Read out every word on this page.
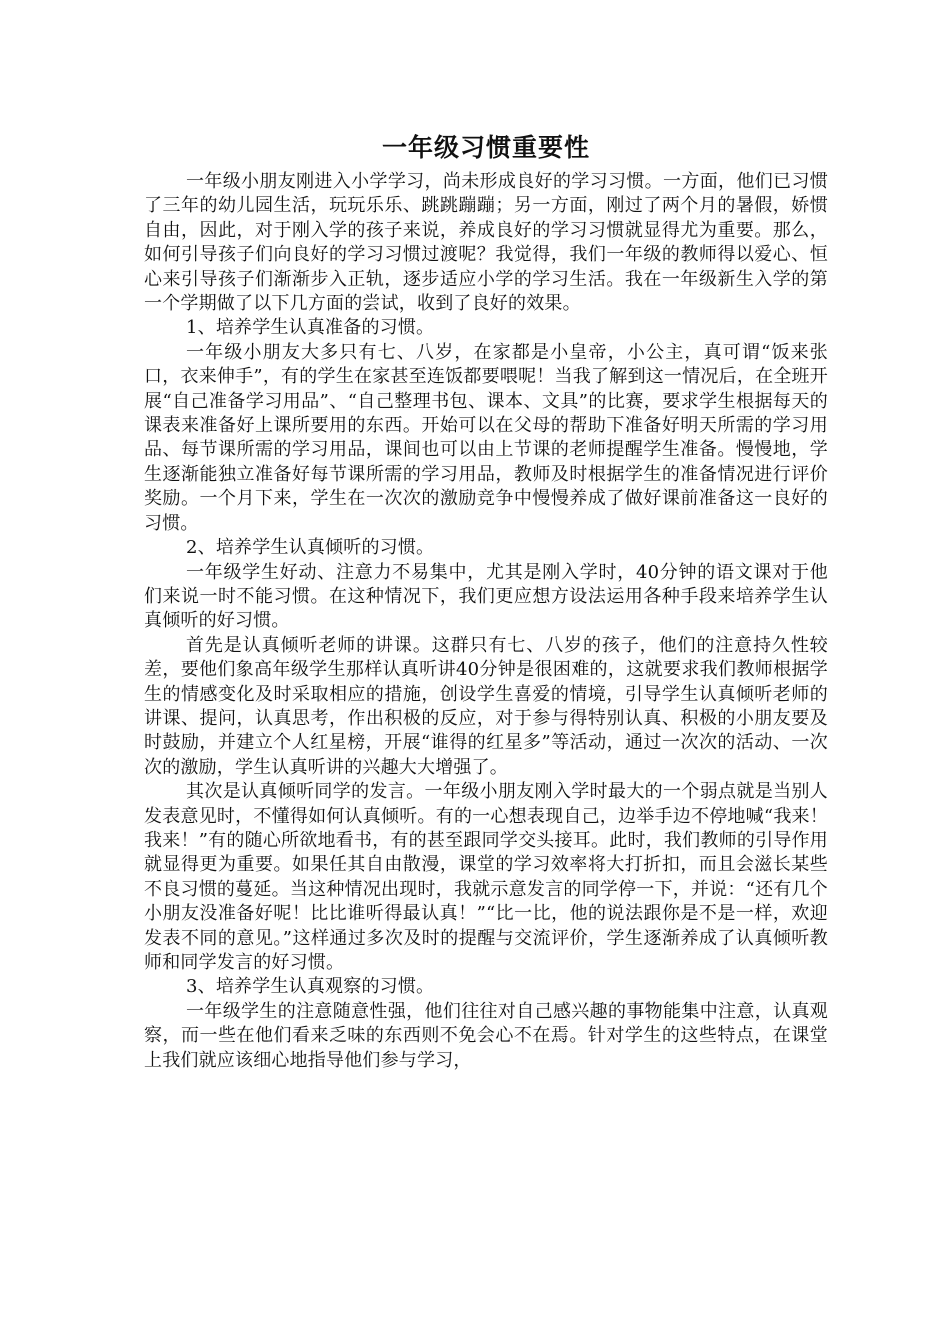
一年级习惯重要性

一年级小朋友刚进入小学学习，尚未形成良好的学习习惯。一方面，他们已习惯了三年的幼儿园生活，玩玩乐乐、跳跳蹦蹦；另一方面，刚过了两个月的暑假，娇惯自由，因此，对于刚入学的孩子来说，养成良好的学习习惯就显得尤为重要。那么，如何引导孩子们向良好的学习习惯过渡呢？我觉得，我们一年级的教师得以爱心、恒心来引导孩子们渐渐步入正轨，逐步适应小学的学习生活。我在一年级新生入学的第一个学期做了以下几方面的尝试，收到了良好的效果。

1、培养学生认真准备的习惯。

一年级小朋友大多只有七、八岁，在家都是小皇帝，小公主，真可谓“饭来张口，衣来伸手”，有的学生在家甚至连饭都要喂呢！当我了解到这一情况后，在全班开展“自己准备学习用品”、“自己整理书包、课本、文具”的比赛，要求学生根据每天的课表来准备好上课所要用的东西。开始可以在父母的帮助下准备好明天所需的学习用品、每节课所需的学习用品，课间也可以由上节课的老师提醒学生准备。慢慢地，学生逐渐能独立准备好每节课所需的学习用品，教师及时根据学生的准备情况进行评价奖励。一个月下来，学生在一次次的激励竞争中慢慢养成了做好课前准备这一良好的习惯。

2、培养学生认真倾听的习惯。

一年级学生好动、注意力不易集中，尤其是刚入学时，40分钟的语文课对于他们来说一时不能习惯。在这种情况下，我们更应想方设法运用各种手段来培养学生认真倾听的好习惯。

首先是认真倾听老师的讲课。这群只有七、八岁的孩子，他们的注意持久性较差，要他们象高年级学生那样认真听讲40分钟是很困难的，这就要求我们教师根据学生的情感变化及时采取相应的措施，创设学生喜爱的情境，引导学生认真倾听老师的讲课、提问，认真思考，作出积极的反应，对于参与得特别认真、积极的小朋友要及时鼓励，并建立个人红星榜，开展“谁得的红星多”等活动，通过一次次的活动、一次次的激励，学生认真听讲的兴趣大大增强了。

其次是认真倾听同学的发言。一年级小朋友刚入学时最大的一个弱点就是当别人发表意见时，不懂得如何认真倾听。有的一心想表现自己，边举手边不停地喊“我来！我来！”有的随心所欲地看书，有的甚至跟同学交头接耳。此时，我们教师的引导作用就显得更为重要。如果任其自由散漫，课堂的学习效率将大打折扣，而且会滋长某些不良习惯的蔓延。当这种情况出现时，我就示意发言的同学停一下，并说：“还有几个小朋友没准备好呢！比比谁听得最认真！”“比一比，他的说法跟你是不是一样，欢迎发表不同的意见。”这样通过多次及时的提醒与交流评价，学生逐渐养成了认真倾听教师和同学发言的好习惯。

3、培养学生认真观察的习惯。

一年级学生的注意随意性强，他们往往对自己感兴趣的事物能集中注意，认真观察，而一些在他们看来乏味的东西则不免会心不在焉。针对学生的这些特点，在课堂上我们就应该细心地指导他们参与学习，
